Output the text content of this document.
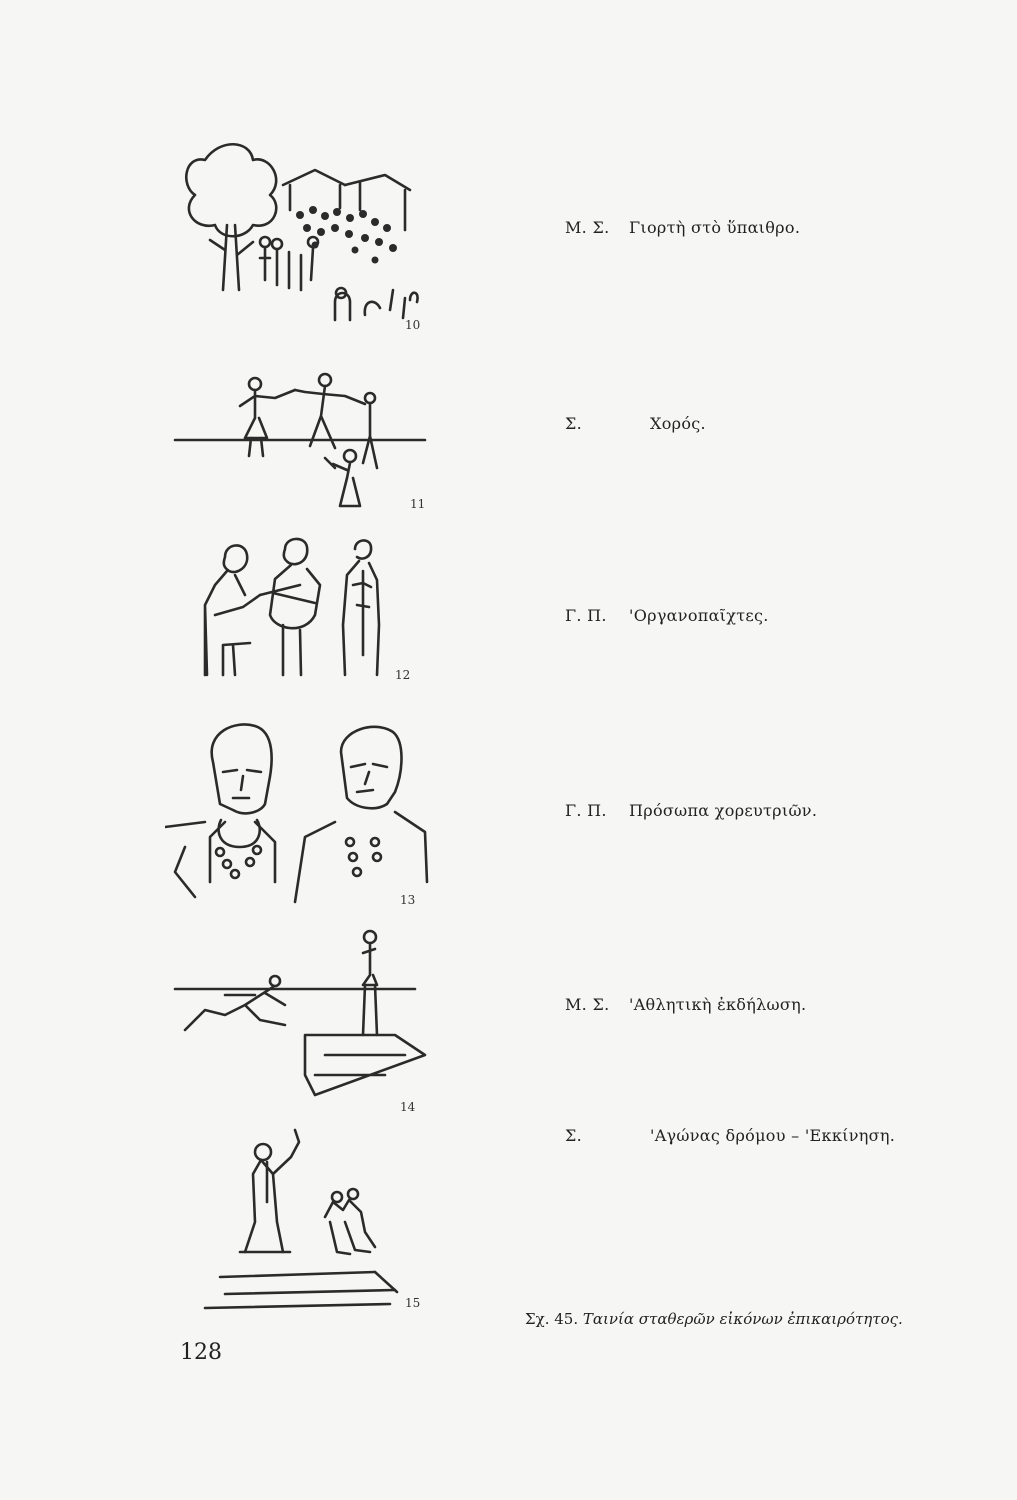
10
11
12
13
14
15
Μ. Σ. Γιορτὴ στὸ ὕπαιθρο.
Σ.	Χορός.
Γ. Π. 'Οργανοπαῖχτες.
Γ. Π. Πρόσωπα χορευτριῶν.
Μ. Σ. 'Αθλητικὴ ἐκδήλωση.
Σ.	'Αγώνας δρόμου – 'Εκκίνηση.
Σχ. 45. Ταινία σταθερῶν εἰκόνων ἐπικαιρότητος.
128
